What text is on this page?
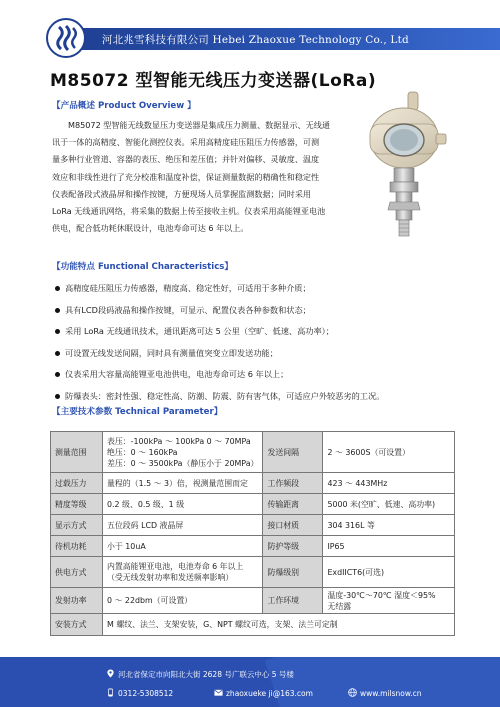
河北兆雪科技有限公司 Hebei Zhaoxue Technology Co., Ltd
M85072 型智能无线压力变送器(LoRa)
【产品概述 Product Overview 】
M85072 型智能无线数显压力变送器是集成压力测量、数据显示、无线通
讯于一体的高精度、智能化测控仪表。采用高精度硅压阻压力传感器，可测
量多种行业管道、容器的表压、绝压和差压值；并针对偏移、灵敏度、温度
效应和非线性进行了充分校准和温度补偿，保证测量数据的精确性和稳定性
仪表配备段式液晶屏和操作按键，方便现场人员掌握监测数据；同时采用
LoRa 无线通讯网络，将采集的数据上传至接收主机。仪表采用高能锂亚电池
供电，配合低功耗休眠设计，电池寿命可达 6 年以上。
【功能特点 Functional Characteristics】
高精度硅压阻压力传感器，精度高、稳定性好，可适用于多种介质；
具有LCD段码液晶和操作按键，可显示、配置仪表各种参数和状态；
采用 LoRa 无线通讯技术，通讯距离可达 5 公里（空旷、低速、高功率）；
可设置无线发送间隔，同时具有测量值突变立即发送功能；
仪表采用大容量高能锂亚电池供电，电池寿命可达 6 年以上；
防爆表头：密封性强、稳定性高、防潮、防震、防有害气体，可适应户外较恶劣的工况。
【主要技术参数 Technical Parameter】
测量范围	表压：-100kPa ～ 100kPa 0 ～ 70MPa
绝压：0 ～ 160kPa
差压：0 ～ 3500kPa（静压小于 20MPa）	发送间隔	2 ～ 3600S（可设置）
过载压力	量程的（1.5 ～ 3）倍，视测量范围而定	工作频段	423 ～ 443MHz
精度等级	0.2 级、0.5 级、1 级	传输距离	5000 米(空旷、低速、高功率)
显示方式	五位段码 LCD 液晶屏	接口材质	304 316L 等
待机功耗	小于 10uA	防护等级	IP65
供电方式	内置高能锂亚电池，电池寿命 6 年以上
（受无线发射功率和发送频率影响）	防爆级别	ExdIICT6(可选)
发射功率	0 ～ 22dbm（可设置）	工作环境	温度-30℃～70℃ 湿度＜95%
无结露

安装方式	M 螺纹、法兰、支架安装，G、NPT 螺纹可选，支架、法兰可定制		
河北省保定市向阳北大街 2628 号广联云中心 5 号楼
0312-5308512	zhaoxueke ji@163.com	www.milsnow.cn
